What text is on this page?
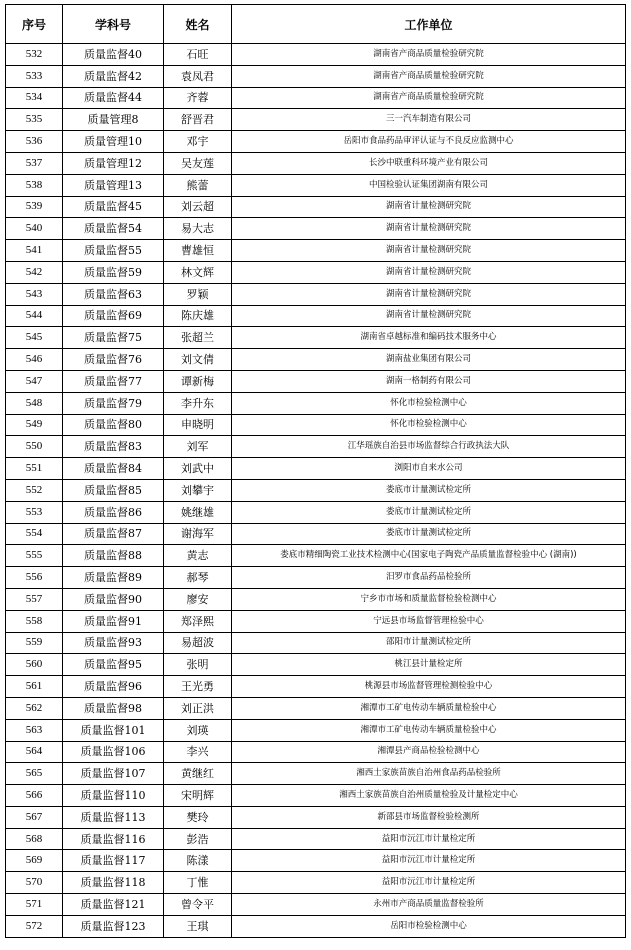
序号	学科号	姓名	工作单位
532	质量监督40	石旺	湖南省产商品质量检验研究院
533	质量监督42	袁凤君	湖南省产商品质量检验研究院
534	质量监督44	齐蓉	湖南省产商品质量检验研究院
535	质量管理8	舒晋君	三一汽车制造有限公司
536	质量管理10	邓宇	岳阳市食品药品审评认证与不良反应监测中心
537	质量管理12	吴友莲	长沙中联重科环境产业有限公司
538	质量管理13	熊蕾	中国检验认证集团湖南有限公司
539	质量监督45	刘云超	湖南省计量检测研究院
540	质量监督54	易大志	湖南省计量检测研究院
541	质量监督55	曹雄恒	湖南省计量检测研究院
542	质量监督59	林文辉	湖南省计量检测研究院
543	质量监督63	罗颖	湖南省计量检测研究院
544	质量监督69	陈庆雄	湖南省计量检测研究院
545	质量监督75	张超兰	湖南省卓越标准和编码技术服务中心
546	质量监督76	刘文倩	湖南盐业集团有限公司
547	质量监督77	谭新梅	湖南一格制药有限公司
548	质量监督79	李升东	怀化市检验检测中心
549	质量监督80	申晓明	怀化市检验检测中心
550	质量监督83	刘军	江华瑶族自治县市场监督综合行政执法大队
551	质量监督84	刘武中	浏阳市自来水公司
552	质量监督85	刘攀宇	娄底市计量测试检定所
553	质量监督86	姚继雄	娄底市计量测试检定所
554	质量监督87	谢海军	娄底市计量测试检定所
555	质量监督88	黄志	娄底市精细陶瓷工业技术检测中心(国家电子陶瓷产品质量监督检验中心 (湖南))
556	质量监督89	郝琴	汨罗市食品药品检验所
557	质量监督90	廖安	宁乡市市场和质量监督检验检测中心
558	质量监督91	郑泽熙	宁远县市场监督管理检验中心
559	质量监督93	易超波	邵阳市计量测试检定所
560	质量监督95	张明	桃江县计量检定所
561	质量监督96	王光勇	桃源县市场监督管理检测检验中心
562	质量监督98	刘正洪	湘潭市工矿电传动车辆质量检验中心
563	质量监督101	刘瑛	湘潭市工矿电传动车辆质量检验中心
564	质量监督106	李兴	湘潭县产商品检验检测中心
565	质量监督107	黄继红	湘西土家族苗族自治州食品药品检验所
566	质量监督110	宋明辉	湘西土家族苗族自治州质量检验及计量检定中心
567	质量监督113	樊玲	新邵县市场监督检验检测所
568	质量监督116	彭浩	益阳市沅江市计量检定所
569	质量监督117	陈漾	益阳市沅江市计量检定所
570	质量监督118	丁惟	益阳市沅江市计量检定所
571	质量监督121	曾令平	永州市产商品质量监督检验所
572	质量监督123	王琪	岳阳市检验检测中心
